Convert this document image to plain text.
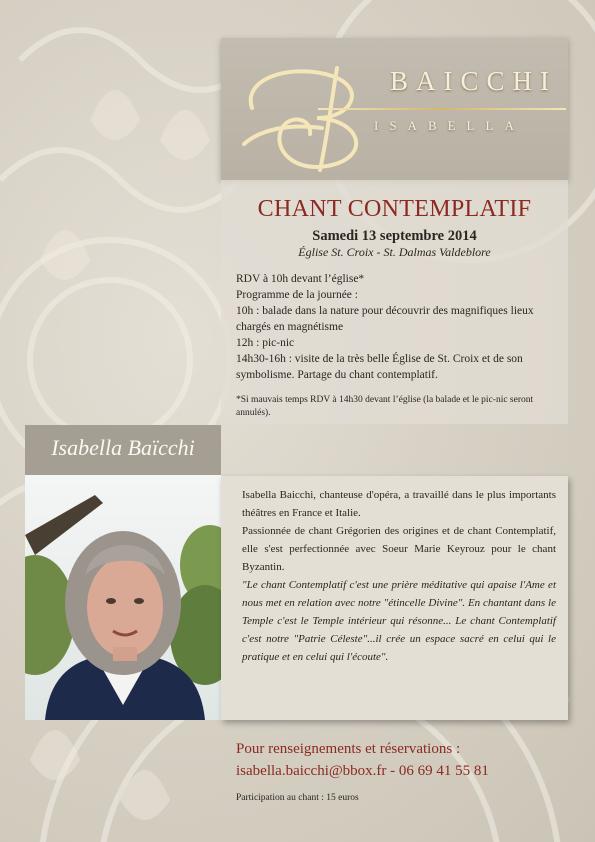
BAICCHI
ISABELLA
CHANT CONTEMPLATIF
Samedi 13 septembre 2014
Église St. Croix - St. Dalmas Valdeblore

RDV à 10h devant l’église*

Programme de la journée :

10h : balade dans la nature pour découvrir des magnifiques lieux chargés en magnétisme

12h : pic-nic

14h30-16h : visite de la très belle Église de St. Croix et de son symbolisme. Partage du chant contemplatif.

*Si mauvais temps RDV à 14h30 devant l’église (la balade et le pic-nic seront annulés).
Isabella Baïcchi

Isabella Baicchi, chanteuse d'opéra, a travaillé dans le plus importants théâtres en France et Italie.

Passionnée de chant Grégorien des origines et de chant Contemplatif, elle s'est perfectionnée avec Soeur Marie Keyrouz pour le chant Byzantin.

"Le chant Contemplatif c'est une prière méditative qui apaise l'Ame et nous met en relation avec notre "étincelle Divine". En chantant dans le Temple c'est le Temple intérieur qui résonne... Le chant Contemplatif c'est notre "Patrie Céleste"...il crée un espace sacré en celui qui le pratique et en celui qui l'écoute".

Pour renseignements et réservations :
isabella.baicchi@bbox.fr - 06 69 41 55 81
Participation au chant : 15 euros
